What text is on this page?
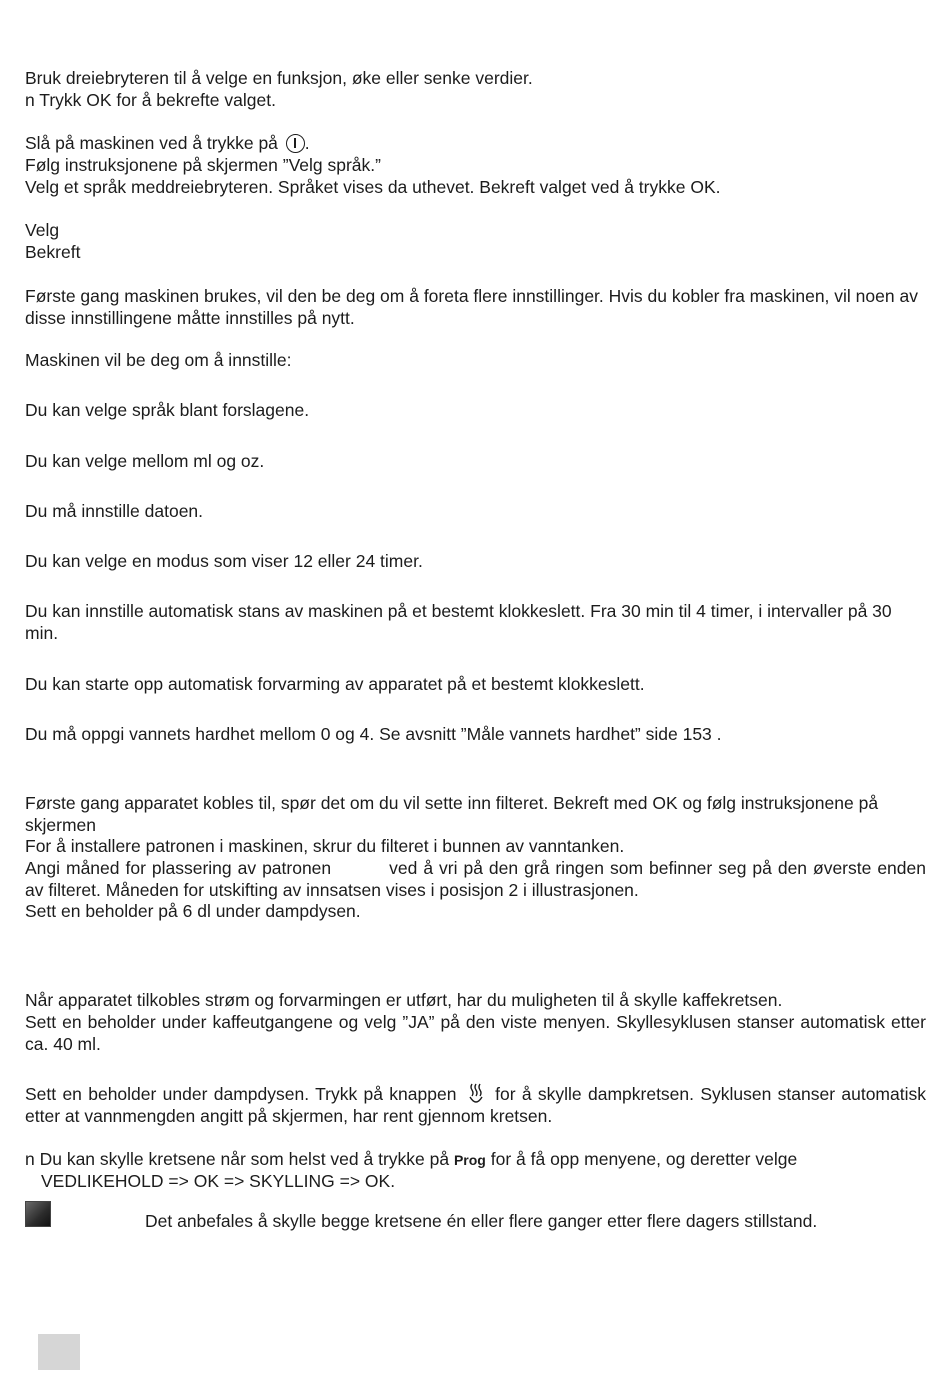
Bruk dreiebryteren til å velge en funksjon, øke eller senke verdier.
n Trykk OK for å bekrefte valget.
Slå på maskinen ved å trykke på .
Følg instruksjonene på skjermen ”Velg språk.”
Velg et språk meddreiebryteren. Språket vises da uthevet. Bekreft valget ved å trykke OK.
Velg
Bekreft
Første gang maskinen brukes, vil den be deg om å foreta flere innstillinger. Hvis du kobler fra maskinen, vil noen av disse innstillingene måtte innstilles på nytt.
Maskinen vil be deg om å innstille:
Du kan velge språk blant forslagene.
Du kan velge mellom ml og oz.
Du må innstille datoen.
Du kan velge en modus som viser 12 eller 24 timer.
Du kan innstille automatisk stans av maskinen på et bestemt klokkeslett. Fra 30 min til 4 timer, i intervaller på 30 min.
Du kan starte opp automatisk forvarming av apparatet på et bestemt klokkeslett.
Du må oppgi vannets hardhet mellom 0 og 4. Se avsnitt ”Måle vannets hardhet” side 153 .
Første gang apparatet kobles til, spør det om du vil sette inn filteret. Bekreft med OK og følg instruksjonene på skjermen
For å installere patronen i maskinen, skrur du filteret i bunnen av vanntanken.
Angi måned for plassering av patronen	ved å vri på den grå ringen som befinner seg på den øverste enden av filteret. Måneden for utskifting av innsatsen vises i posisjon 2 i illustrasjonen.
Sett en beholder på 6 dl under dampdysen.
Når apparatet tilkobles strøm og forvarmingen er utført, har du muligheten til å skylle kaffekretsen.
Sett en beholder under kaffeutgangene og velg ”JA” på den viste menyen. Skyllesyklusen stanser automatisk etter ca. 40 ml.
Sett en beholder under dampdysen. Trykk på knappen for å skylle dampkretsen. Syklusen stanser automatisk etter at vannmengden angitt på skjermen, har rent gjennom kretsen.
n Du kan skylle kretsene når som helst ved å trykke på Prog for å få opp menyene, og deretter velge
VEDLIKEHOLD => OK => SKYLLING => OK.
Det anbefales å skylle begge kretsene én eller flere ganger etter flere dagers stillstand.
